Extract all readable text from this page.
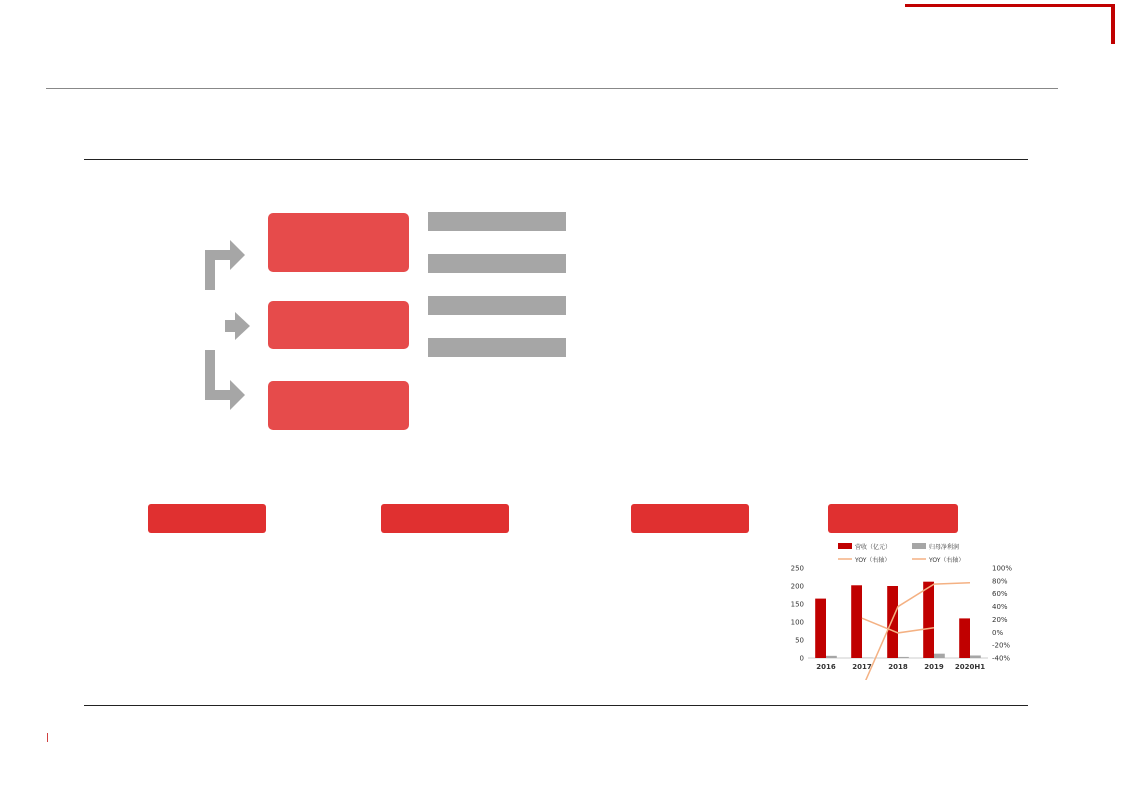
营收（亿元）	归母净利润
YOY（右轴）	YOY（右轴）
0
50
100
150
200
250
-40%
-20%
0%
20%
40%
60%
80%
100%
2016 2017 2018 2019 2020H1
|
